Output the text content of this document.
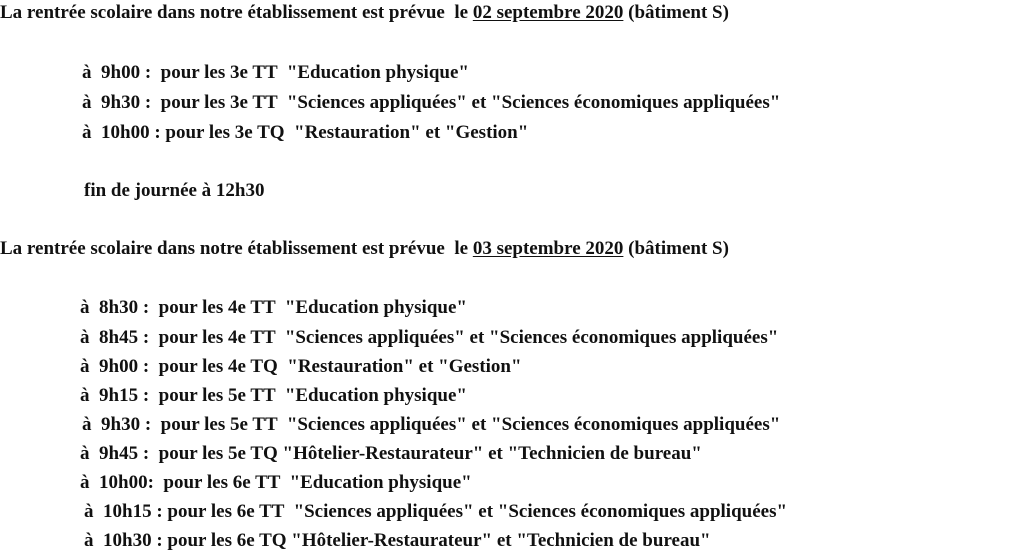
La rentrée scolaire dans notre établissement est prévue  le 02 septembre 2020 (bâtiment S)
à  9h00 :  pour les 3e TT  "Education physique"
à  9h30 :  pour les 3e TT  "Sciences appliquées" et "Sciences économiques appliquées"
à  10h00 : pour les 3e TQ  "Restauration" et "Gestion"
fin de journée à 12h30
La rentrée scolaire dans notre établissement est prévue  le 03 septembre 2020 (bâtiment S)
à  8h30 :  pour les 4e TT  "Education physique"
à  8h45 :  pour les 4e TT  "Sciences appliquées" et "Sciences économiques appliquées"
à  9h00 :  pour les 4e TQ  "Restauration" et "Gestion"
à  9h15 :  pour les 5e TT  "Education physique"
à  9h30 :  pour les 5e TT  "Sciences appliquées" et "Sciences économiques appliquées"
à  9h45 :  pour les 5e TQ "Hôtelier-Restaurateur" et "Technicien de bureau"
à  10h00:  pour les 6e TT  "Education physique"
à  10h15 : pour les 6e TT  "Sciences appliquées" et "Sciences économiques appliquées"
à  10h30 : pour les 6e TQ "Hôtelier-Restaurateur" et "Technicien de bureau"
